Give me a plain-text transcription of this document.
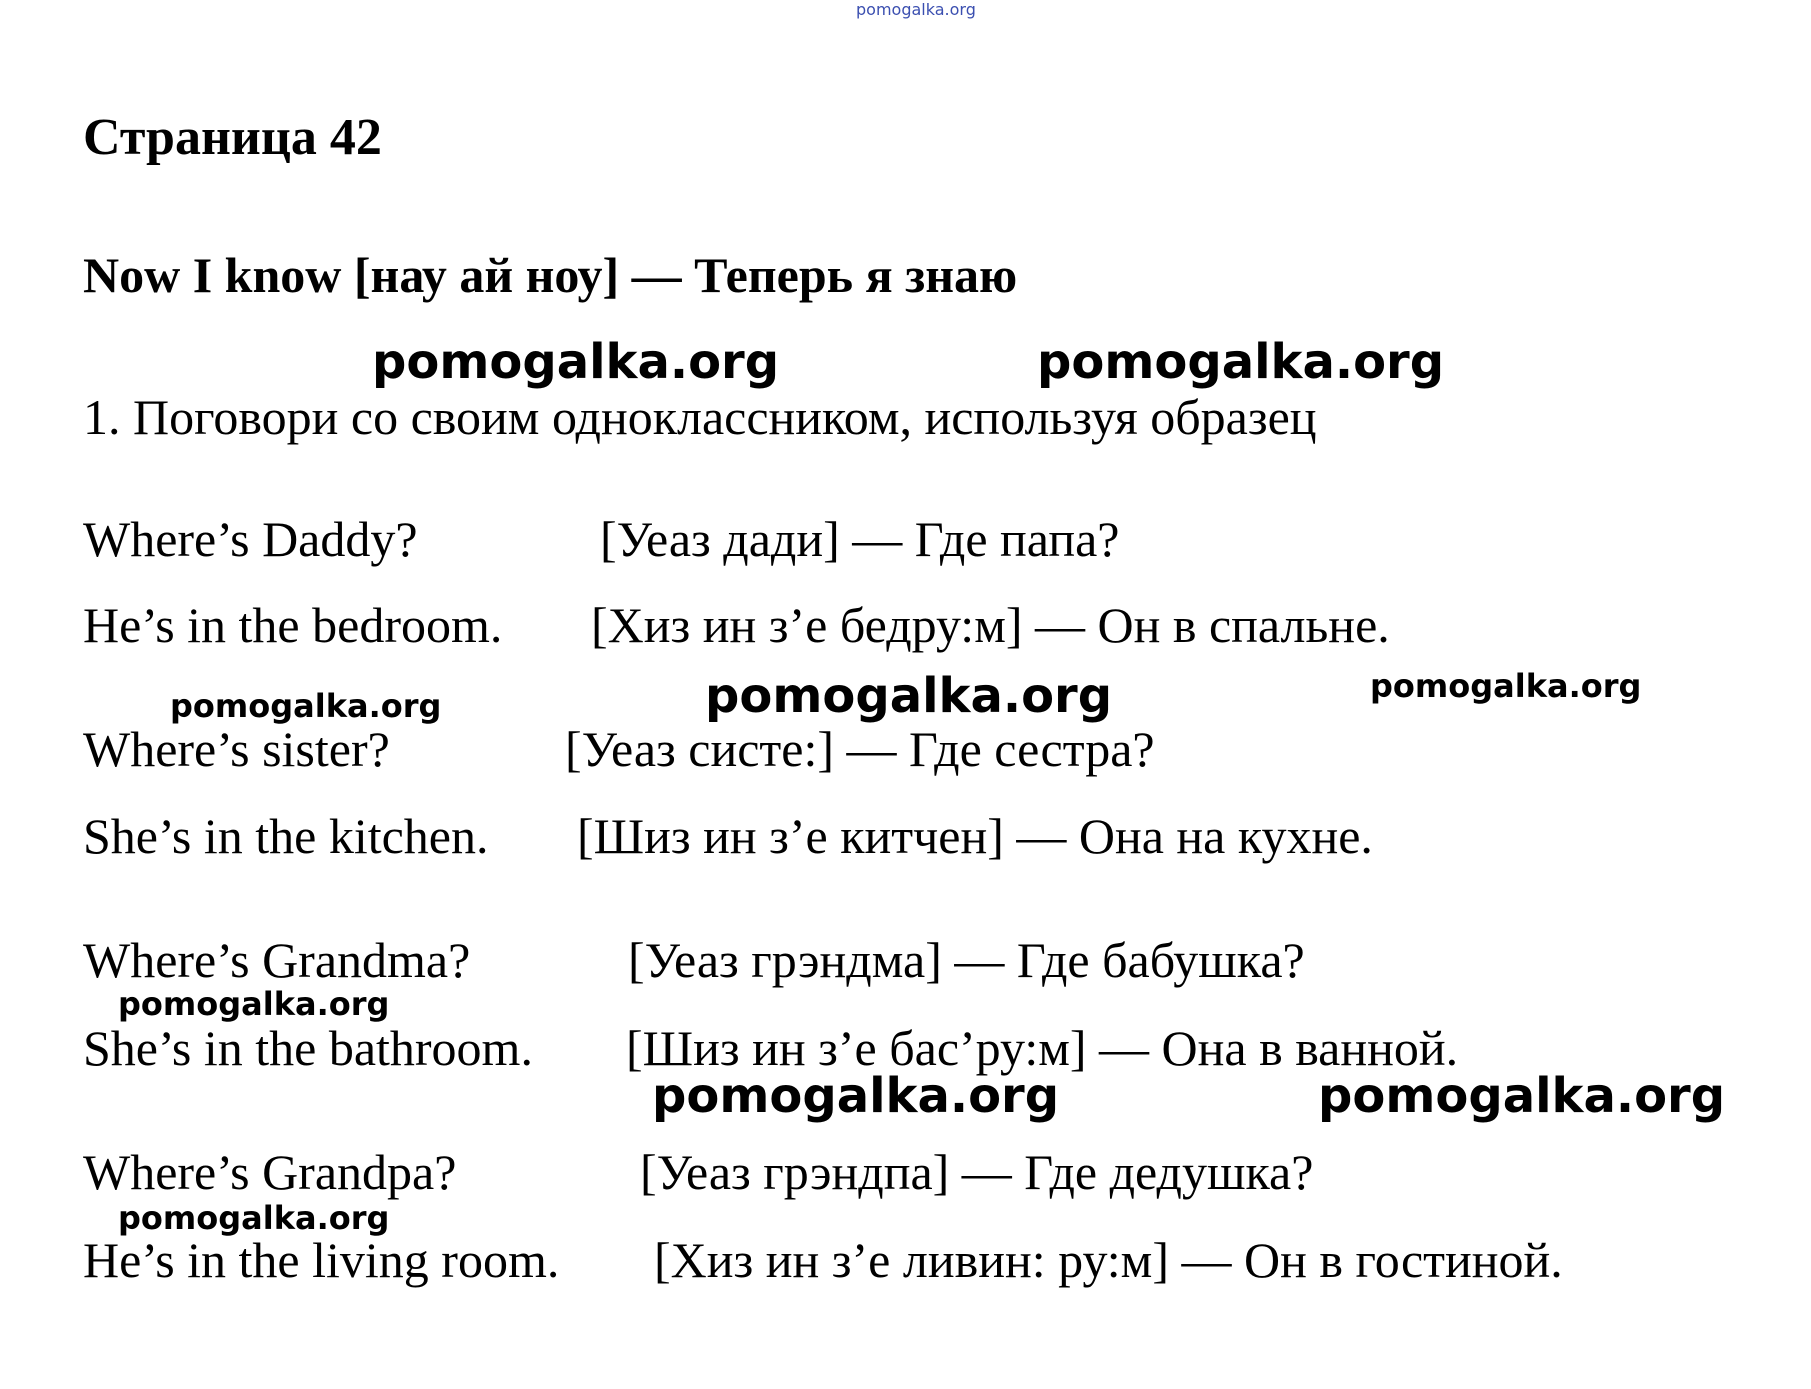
pomogalka.org
Страница 42
Now I know [нау ай ноу] — Теперь я знаю
1. Поговори со своим одноклассником, используя образец
Where’s Daddy?	[Уеаз дади] — Где папа?
He’s in the bedroom. [Хиз ин з’е бедру:м] — Он в спальне.
Where’s sister?	[Уеаз систе:] — Где сестра?
She’s in the kitchen. [Шиз ин з’е китчен] — Она на кухне.
Where’s Grandma?	[Уеаз грэндма] — Где бабушка?
She’s in the bathroom. [Шиз ин з’е бас’ру:м] — Она в ванной.
Where’s Grandpa?	[Уеаз грэндпа] — Где дедушка?
He’s in the living room. [Хиз ин з’е ливин: ру:м] — Он в гостиной.
pomogalka.org	pomogalka.org
pomogalka.org	pomogalka.org	pomogalka.org
pomogalka.org
pomogalka.org	pomogalka.org
pomogalka.org
